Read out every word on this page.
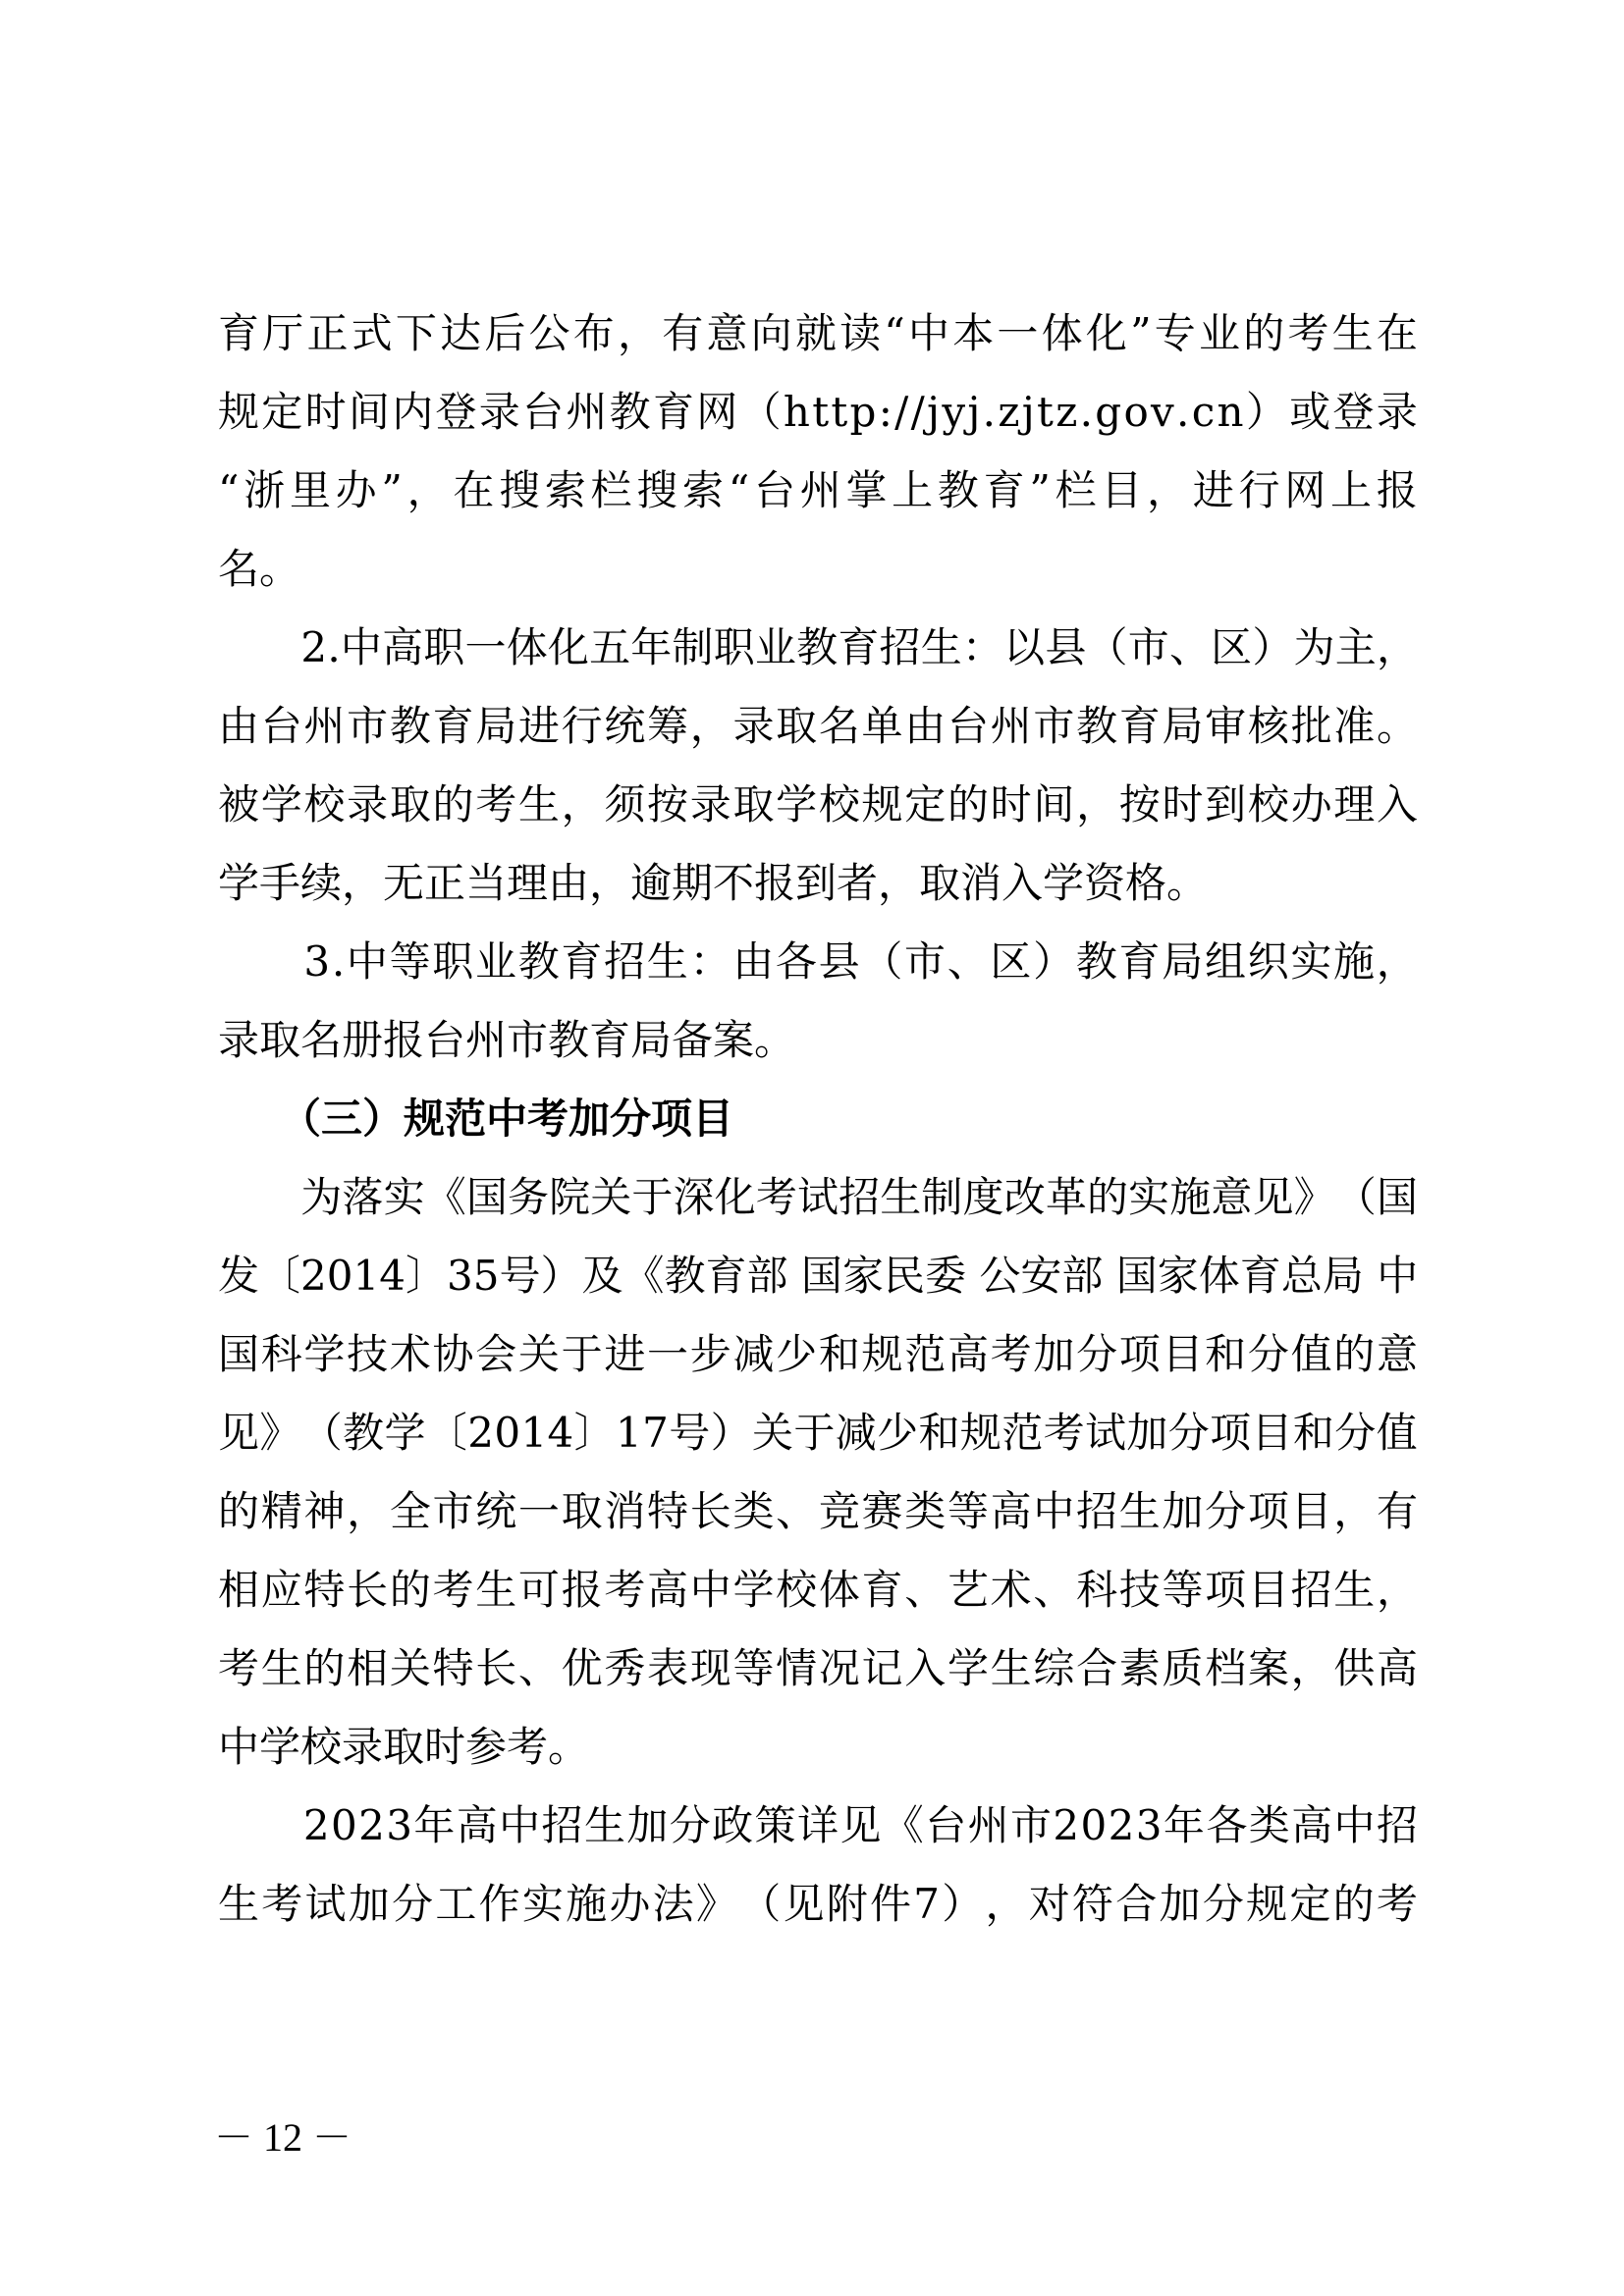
育 厅 正 式 下 达 后 公 布 ， 有 意 向 就 读 “ 中 本 一 体 化 ” 专 业 的 考 生 在
规 定 时 间 内 登 录 台 州 教 育 网 （ h t t p : / / j y j . z j t z . g o v . c n ） 或 登 录
“ 浙 里 办 ” ， 在 搜 索 栏 搜 索 “ 台 州 掌 上 教 育 ” 栏 目 ， 进 行 网 上 报
名。

2 . 中 高 职 一 体 化 五 年 制 职 业 教 育 招 生 ： 以 县 （ 市 、 区 ） 为 主 ，
由 台 州 市 教 育 局 进 行 统 筹 ， 录 取 名 单 由 台 州 市 教 育 局 审 核 批 准 。
被 学 校 录 取 的 考 生 ， 须 按 录 取 学 校 规 定 的 时 间 ， 按 时 到 校 办 理 入
学手续，无正当理由，逾期不报到者，取消入学资格。

3 . 中 等 职 业 教 育 招 生 ： 由 各 县 （ 市 、 区 ） 教 育 局 组 织 实 施 ，
录取名册报台州市教育局备案。
　　（三）规范中考加分项目

为 落 实 《 国 务 院 关 于 深 化 考 试 招 生 制 度 改 革 的 实 施 意 见 》 （ 国
发 〔 2 0 1 4 〕 3 5 号 ） 及 《 教 育 部
国 家 民 委
公 安 部
国 家 体 育 总 局
中
国 科 学 技 术 协 会 关 于 进 一 步 减 少 和 规 范 高 考 加 分 项 目 和 分 值 的 意
见 》 （ 教 学 〔 2 0 1 4 〕 1 7 号 ） 关 于 减 少 和 规 范 考 试 加 分 项 目 和 分 值
的 精 神 ， 全 市 统 一 取 消 特 长 类 、 竞 赛 类 等 高 中 招 生 加 分 项 目 ， 有
相 应 特 长 的 考 生 可 报 考 高 中 学 校 体 育 、 艺 术 、 科 技 等 项 目 招 生 ，
考 生 的 相 关 特 长 、 优 秀 表 现 等 情 况 记 入 学 生 综 合 素 质 档 案 ， 供 高
中学校录取时参考。

2 0 2 3 年 高 中 招 生 加 分 政 策 详 见 《 台 州 市 2 0 2 3 年 各 类 高 中 招
生 考 试 加 分 工 作 实 施 办 法 》 （ 见 附 件 7 ） ， 对 符 合 加 分 规 定 的 考
－ 12 －
